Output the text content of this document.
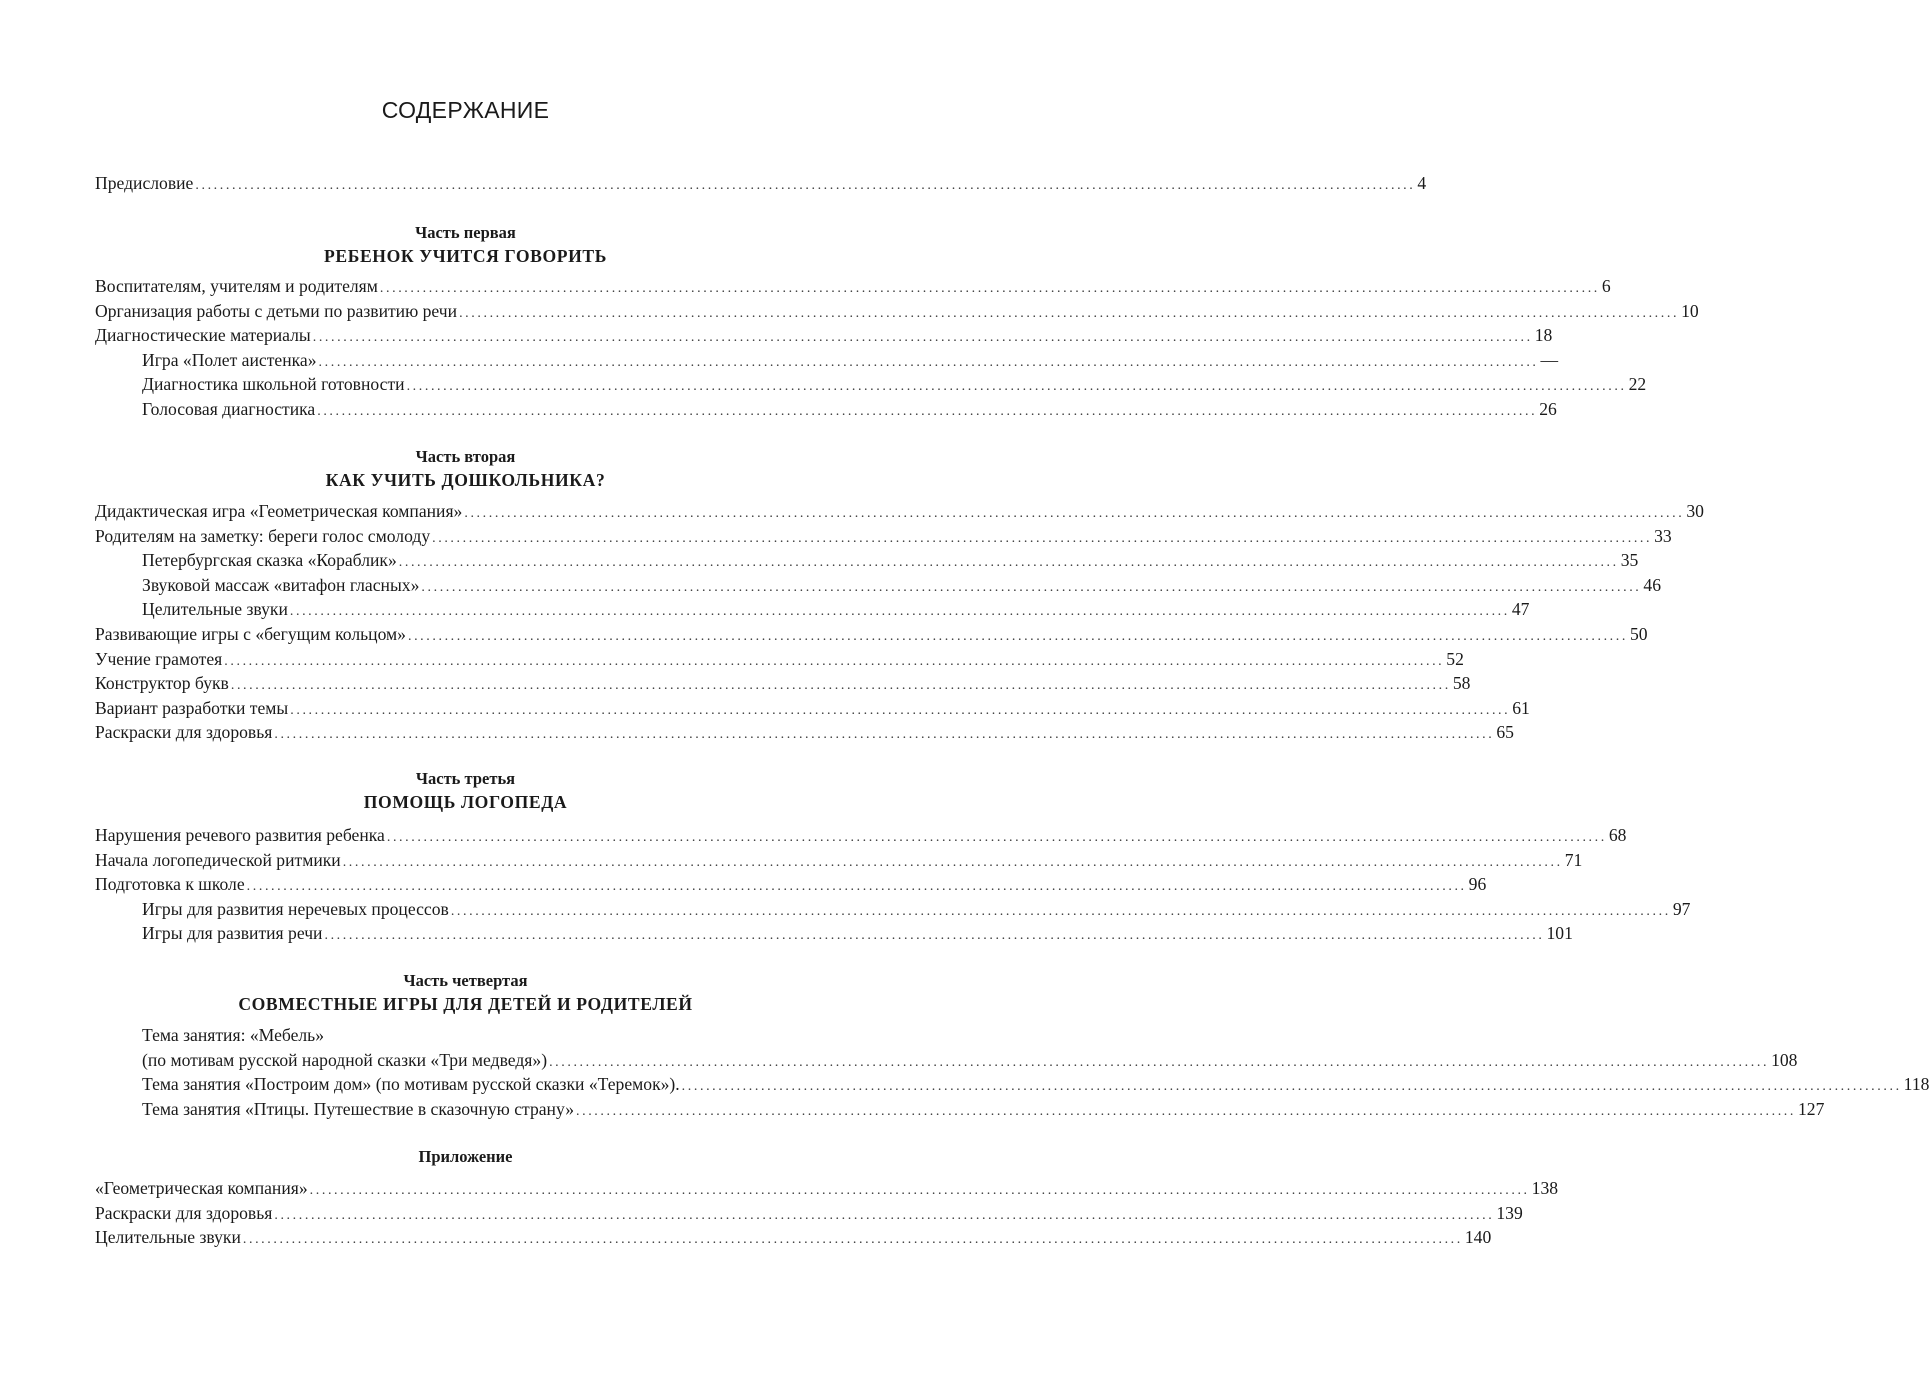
СОДЕРЖАНИЕ
Предисловие ........................................................................................................................................................................................................ 4
Часть первая
РЕБЕНОК УЧИТСЯ ГОВОРИТЬ
Воспитателям, учителям и родителям ........................................................................................................................................................................................................ 6
Организация работы с детьми по развитию речи ........................................................................................................................................................................................................ 10
Диагностические материалы ........................................................................................................................................................................................................ 18
Игра «Полет аистенка» ........................................................................................................................................................................................................ —
Диагностика школьной готовности ........................................................................................................................................................................................................ 22
Голосовая диагностика ........................................................................................................................................................................................................ 26
Часть вторая
КАК УЧИТЬ ДОШКОЛЬНИКА?
Дидактическая игра «Геометрическая компания» ........................................................................................................................................................................................................ 30
Родителям на заметку: береги голос смолоду ........................................................................................................................................................................................................ 33
Петербургская сказка «Кораблик» ........................................................................................................................................................................................................ 35
Звуковой массаж «витафон гласных» ........................................................................................................................................................................................................ 46
Целительные звуки ........................................................................................................................................................................................................ 47
Развивающие игры с «бегущим кольцом» ........................................................................................................................................................................................................ 50
Учение грамотея ........................................................................................................................................................................................................ 52
Конструктор букв ........................................................................................................................................................................................................ 58
Вариант разработки темы ........................................................................................................................................................................................................ 61
Раскраски для здоровья ........................................................................................................................................................................................................ 65
Часть третья
ПОМОЩЬ ЛОГОПЕДА
Нарушения речевого развития ребенка ........................................................................................................................................................................................................ 68
Начала логопедической ритмики ........................................................................................................................................................................................................ 71
Подготовка к школе ........................................................................................................................................................................................................ 96
Игры для развития неречевых процессов ........................................................................................................................................................................................................ 97
Игры для развития речи ........................................................................................................................................................................................................ 101
Часть четвертая
СОВМЕСТНЫЕ ИГРЫ ДЛЯ ДЕТЕЙ И РОДИТЕЛЕЙ
Тема занятия: «Мебель»
(по мотивам русской народной сказки «Три медведя») ........................................................................................................................................................................................................ 108
Тема занятия «Построим дом» (по мотивам русской сказки «Теремок»). ........................................................................................................................................................................................................ 118
Тема занятия «Птицы. Путешествие в сказочную страну» ........................................................................................................................................................................................................ 127
Приложение
«Геометрическая компания» ........................................................................................................................................................................................................ 138
Раскраски для здоровья ........................................................................................................................................................................................................ 139
Целительные звуки ........................................................................................................................................................................................................ 140
